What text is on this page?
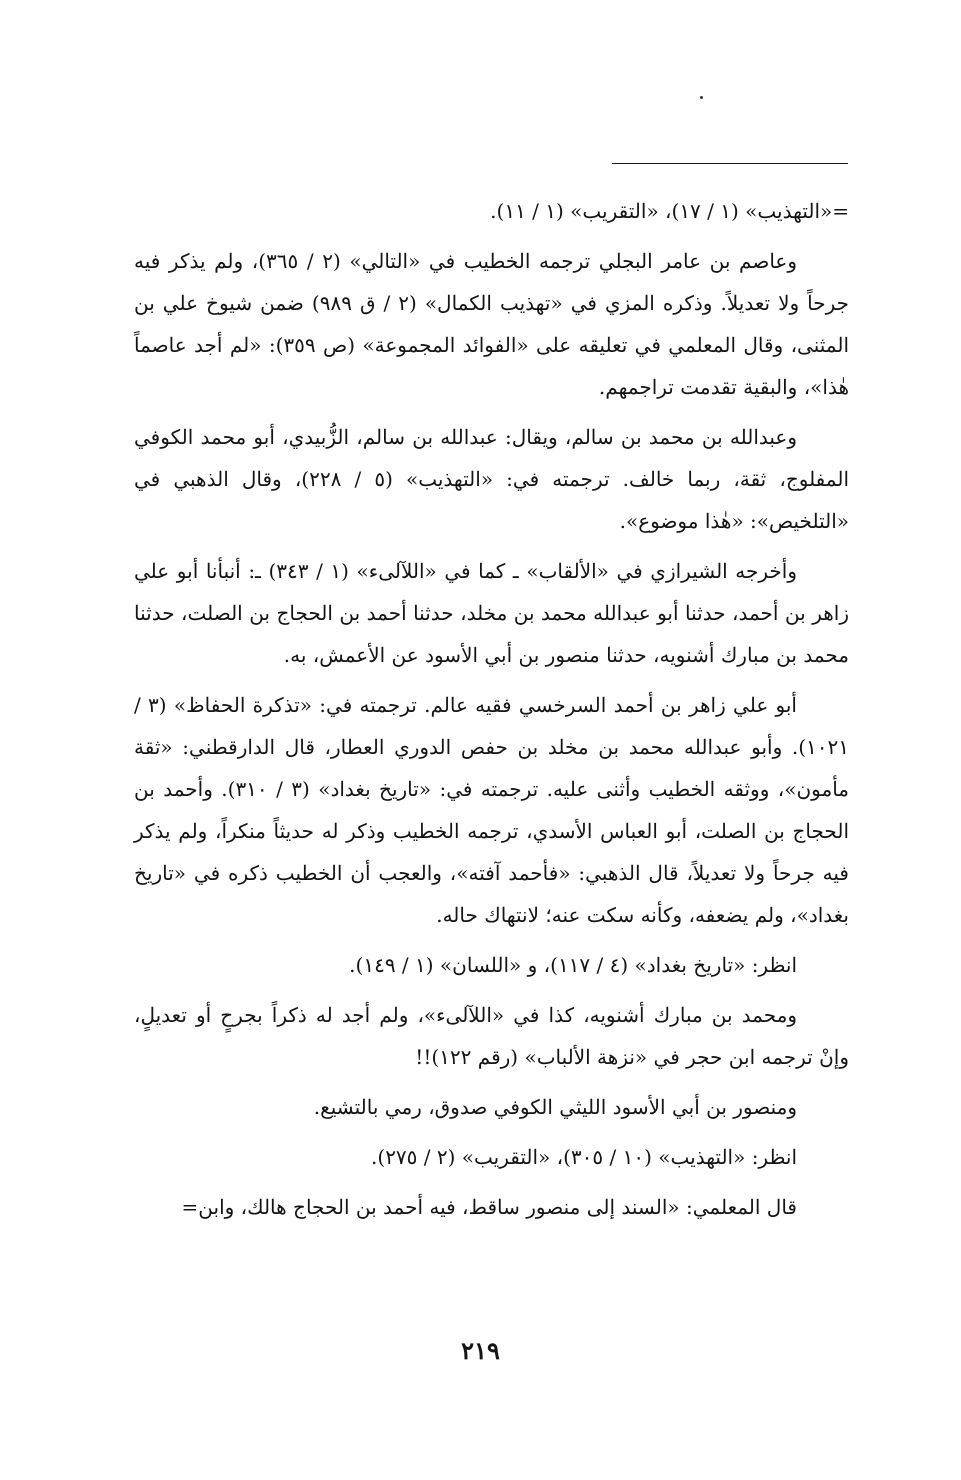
=«التهذيب» (١ / ١٧)، «التقريب» (١ / ١١).

وعاصم بن عامر البجلي ترجمه الخطيب في «التالي» (٢ / ٣٦٥)، ولم يذكر فيه جرحاً ولا تعديلاً. وذكره المزي في «تهذيب الكمال» (٢ / ق ٩٨٩) ضمن شيوخ علي بن المثنى، وقال المعلمي في تعليقه على «الفوائد المجموعة» (ص ٣٥٩): «لم أجد عاصماً هٰذا»، والبقية تقدمت تراجمهم.

وعبدالله بن محمد بن سالم، ويقال: عبدالله بن سالم، الزُّبيدي، أبو محمد الكوفي المفلوج، ثقة، ربما خالف. ترجمته في: «التهذيب» (٥ / ٢٢٨)، وقال الذهبي في «التلخيص»: «هٰذا موضوع».

وأخرجه الشيرازي في «الألقاب» ـ كما في «اللآلىء» (١ / ٣٤٣) ـ: أنبأنا أبو علي زاهر بن أحمد، حدثنا أبو عبدالله محمد بن مخلد، حدثنا أحمد بن الحجاج بن الصلت، حدثنا محمد بن مبارك أشنويه، حدثنا منصور بن أبي الأسود عن الأعمش، به.

أبو علي زاهر بن أحمد السرخسي فقيه عالم. ترجمته في: «تذكرة الحفاظ» (٣ / ١٠٢١). وأبو عبدالله محمد بن مخلد بن حفص الدوري العطار، قال الدارقطني: «ثقة مأمون»، ووثقه الخطيب وأثنى عليه. ترجمته في: «تاريخ بغداد» (٣ / ٣١٠). وأحمد بن الحجاج بن الصلت، أبو العباس الأسدي، ترجمه الخطيب وذكر له حديثاً منكراً، ولم يذكر فيه جرحاً ولا تعديلاً، قال الذهبي: «فأحمد آفته»، والعجب أن الخطيب ذكره في «تاريخ بغداد»، ولم يضعفه، وكأنه سكت عنه؛ لانتهاك حاله.

انظر: «تاريخ بغداد» (٤ / ١١٧)، و «اللسان» (١ / ١٤٩).

ومحمد بن مبارك أشنويه، كذا في «اللآلىء»، ولم أجد له ذكراً بجرحٍ أو تعديلٍ، وإنْ ترجمه ابن حجر في «نزهة الألباب» (رقم ١٢٢)!!

ومنصور بن أبي الأسود الليثي الكوفي صدوق، رمي بالتشيع.

انظر: «التهذيب» (١٠ / ٣٠٥)، «التقريب» (٢ / ٢٧٥).

قال المعلمي: «السند إلى منصور ساقط، فيه أحمد بن الحجاج هالك، وابن=

٢١٩
